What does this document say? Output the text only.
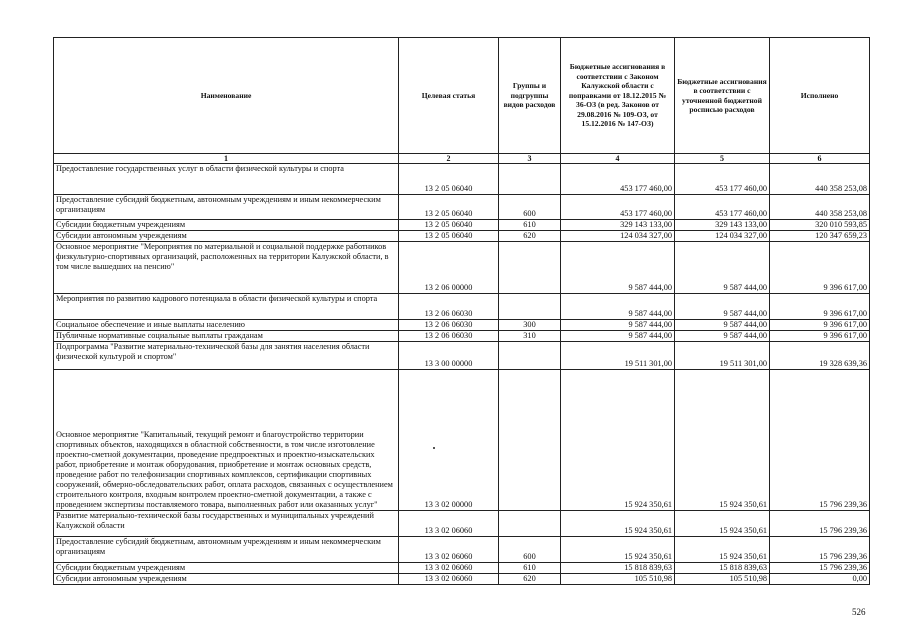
Наименование	Целевая статья	Группы и подгруппы видов расходов	Бюджетные ассигнования в соответствии с Законом Калужской области с поправками от 18.12.2015 № 36-ОЗ (в ред. Законов от 29.08.2016 № 109-ОЗ, от 15.12.2016 № 147-ОЗ)	Бюджетные ассигнования в соответствии с уточненной бюджетной росписью расходов	Исполнено
1	2	3	4	5	6
Предоставление государственных услуг в области физической культуры и спорта	13 2 05 06040		453 177 460,00	453 177 460,00	440 358 253,08
Предоставление субсидий бюджетным, автономным учреждениям и иным некоммерческим организациям	13 2 05 06040	600	453 177 460,00	453 177 460,00	440 358 253,08
Субсидии бюджетным учреждениям	13 2 05 06040	610	329 143 133,00	329 143 133,00	320 010 593,85
Субсидии автономным учреждениям	13 2 05 06040	620	124 034 327,00	124 034 327,00	120 347 659,23
Основное мероприятие "Мероприятия по материальной и социальной поддержке работников физкультурно-спортивных организаций, расположенных на территории Калужской области, в том числе вышедших на пенсию"	13 2 06 00000		9 587 444,00	9 587 444,00	9 396 617,00
Мероприятия по развитию кадрового потенциала в области физической культуры и спорта	13 2 06 06030		9 587 444,00	9 587 444,00	9 396 617,00
Социальное обеспечение и иные выплаты населению	13 2 06 06030	300	9 587 444,00	9 587 444,00	9 396 617,00
Публичные нормативные социальные выплаты гражданам	13 2 06 06030	310	9 587 444,00	9 587 444,00	9 396 617,00
Подпрограмма "Развитие материально-технической базы для занятия населения области физической культурой и спортом"	13 3 00 00000		19 511 301,00	19 511 301,00	19 328 639,36
Основное мероприятие "Капитальный, текущий ремонт и благоустройство территории спортивных объектов, находящихся в областной собственности, в том числе изготовление проектно-сметной документации, проведение предпроектных и проектно-изыскательских работ, приобретение и монтаж оборудования, приобретение и монтаж основных средств, проведение работ по телефонизации спортивных комплексов, сертификации спортивных сооружений, обмерно-обследовательских работ, оплата расходов, связанных с осуществлением строительного контроля, входным контролем проектно-сметной документации, а также с проведением экспертизы поставляемого товара, выполненных работ или оказанных услуг"	13 3 02 00000		15 924 350,61	15 924 350,61	15 796 239,36
Развитие материально-технической базы государственных и муниципальных учреждений Калужской области	13 3 02 06060		15 924 350,61	15 924 350,61	15 796 239,36
Предоставление субсидий бюджетным, автономным учреждениям и иным некоммерческим организациям	13 3 02 06060	600	15 924 350,61	15 924 350,61	15 796 239,36
Субсидии бюджетным учреждениям	13 3 02 06060	610	15 818 839,63	15 818 839,63	15 796 239,36
Субсидии автономным учреждениям	13 3 02 06060	620	105 510,98	105 510,98	0,00
526
